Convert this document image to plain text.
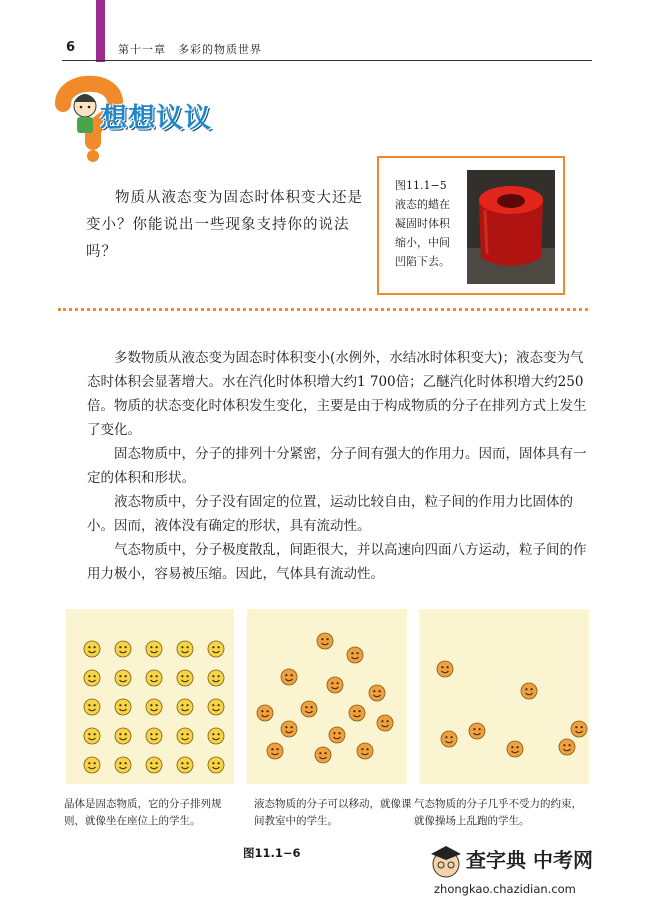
6	第十一章　多彩的物质世界
想想议议
物质从液态变为固态时体积变大还是变小？你能说出一些现象支持你的说法吗？
图11.1−5 液态的蜡在凝固时体积缩小，中间凹陷下去。

多数物质从液态变为固态时体积变小(水例外，水结冰时体积变大)；液态变为气态时体积会显著增大。水在汽化时体积增大约1 700倍；乙醚汽化时体积增大约250倍。物质的状态变化时体积发生变化，主要是由于构成物质的分子在排列方式上发生了变化。

固态物质中，分子的排列十分紧密，分子间有强大的作用力。因而，固体具有一定的体积和形状。

液态物质中，分子没有固定的位置，运动比较自由，粒子间的作用力比固体的小。因而，液体没有确定的形状，具有流动性。

气态物质中，分子极度散乱，间距很大，并以高速向四面八方运动，粒子间的作用力极小，容易被压缩。因此，气体具有流动性。

晶体是固态物质，它的分子排列规则，就像坐在座位上的学生。
液态物质的分子可以移动，就像课间教室中的学生。
气态物质的分子几乎不受力的约束，就像操场上乱跑的学生。
图11.1−6	查字典 中考网
zhongkao.chazidian.com
